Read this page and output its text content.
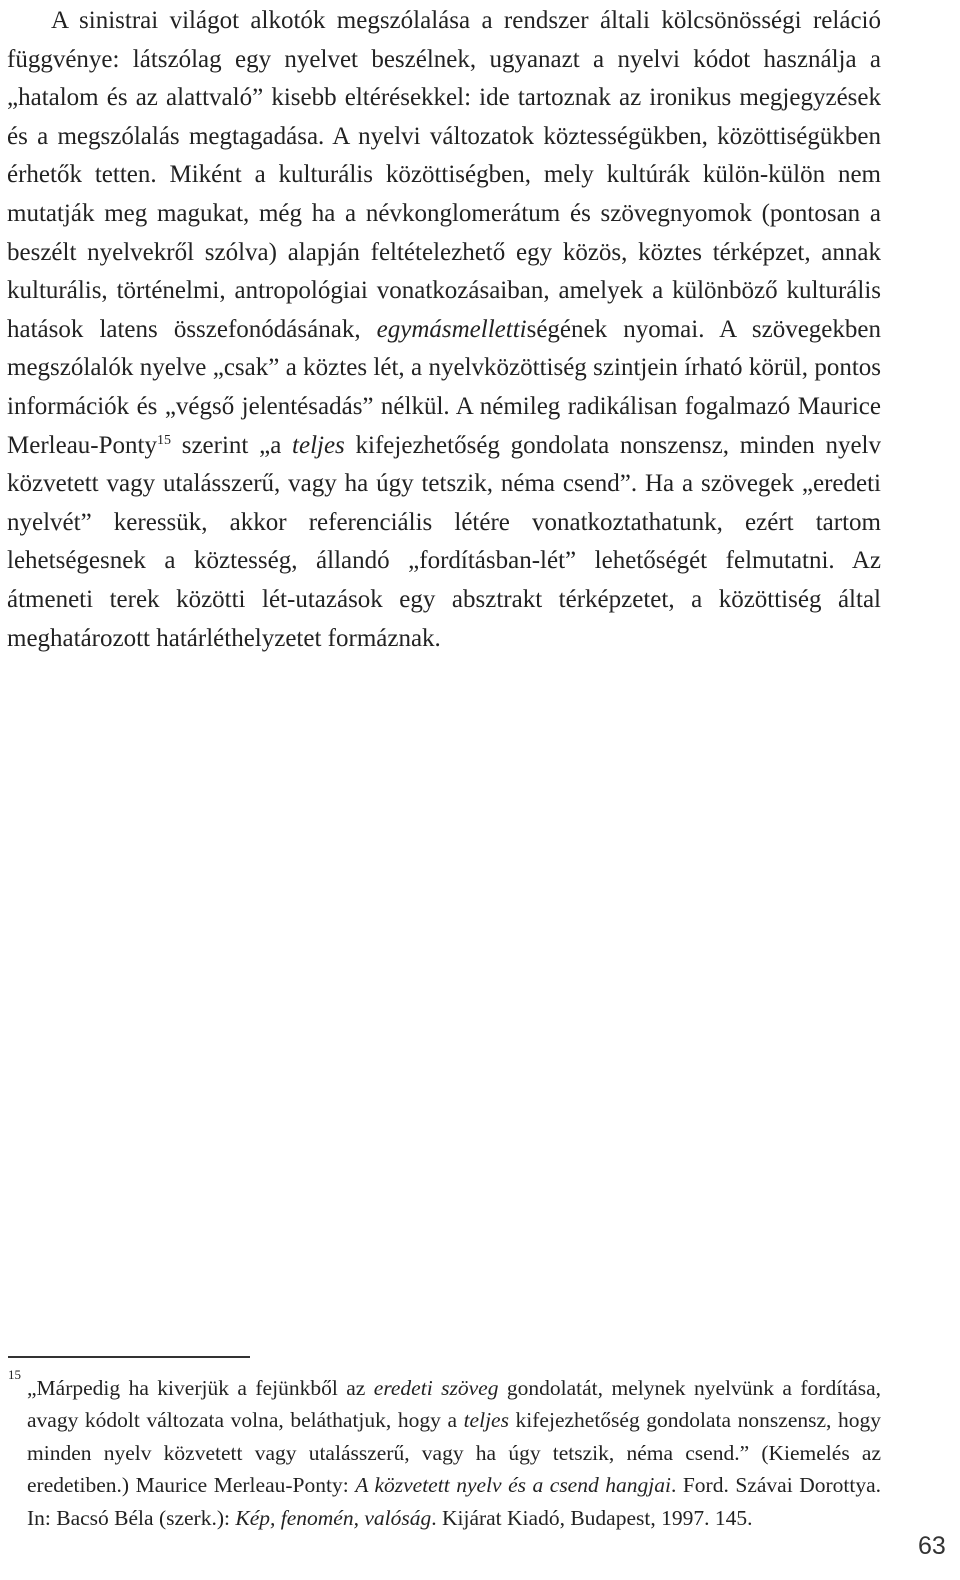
A sinistrai világot alkotók megszólalása a rendszer általi kölcsönösségi reláció függvénye: látszólag egy nyelvet beszélnek, ugyanazt a nyelvi kódot használja a „hatalom és az alattvaló” kisebb eltérésekkel: ide tartoznak az ironikus megjegyzések és a megszólalás megtagadása. A nyelvi változatok köztességükben, közöttiségükben érhetők tetten. Miként a kulturális közöttiségben, mely kultúrák külön-külön nem mutatják meg magukat, még ha a névkonglomerátum és szövegnyomok (pontosan a beszélt nyelvekről szólva) alapján feltételezhető egy közös, köztes térképzet, annak kulturális, történelmi, antropológiai vonatkozásaiban, amelyek a különböző kulturális hatások latens összefonódásának, egymásmellettiségének nyomai. A szövegekben megszólalók nyelve „csak” a köztes lét, a nyelvközöttiség szintjein írható körül, pontos információk és „végső jelentésadás” nélkül. A némileg radikálisan fogalmazó Maurice Merleau-Ponty$^{15}$ szerint „a teljes kifejezhetőség gondolata nonszensz, minden nyelv közvetett vagy utalásszerű, vagy ha úgy tetszik, néma csend”. Ha a szövegek „eredeti nyelvét” keressük, akkor referenciális létére vonatkoztathatunk, ezért tartom lehetségesnek a köztesség, állandó „fordításban-lét” lehetőségét felmutatni. Az átmeneti terek közötti lét-utazások egy absztrakt térképzetet, a közöttiség által meghatározott határléthelyzetet formáznak.

15
„Márpedig ha kiverjük a fejünkből az eredeti szöveg gondolatát, melynek nyelvünk a fordítása, avagy kódolt változata volna, beláthatjuk, hogy a teljes kifejezhetőség gondolata nonszensz, hogy minden nyelv közvetett vagy utalásszerű, vagy ha úgy tetszik, néma csend.” (Kiemelés az eredetiben.) Maurice Merleau-Ponty: A közvetett nyelv és a csend hangjai. Ford. Szávai Dorottya. In: Bacsó Béla (szerk.): Kép, fenomén, valóság. Kijárat Kiadó, Budapest, 1997. 145.

63
